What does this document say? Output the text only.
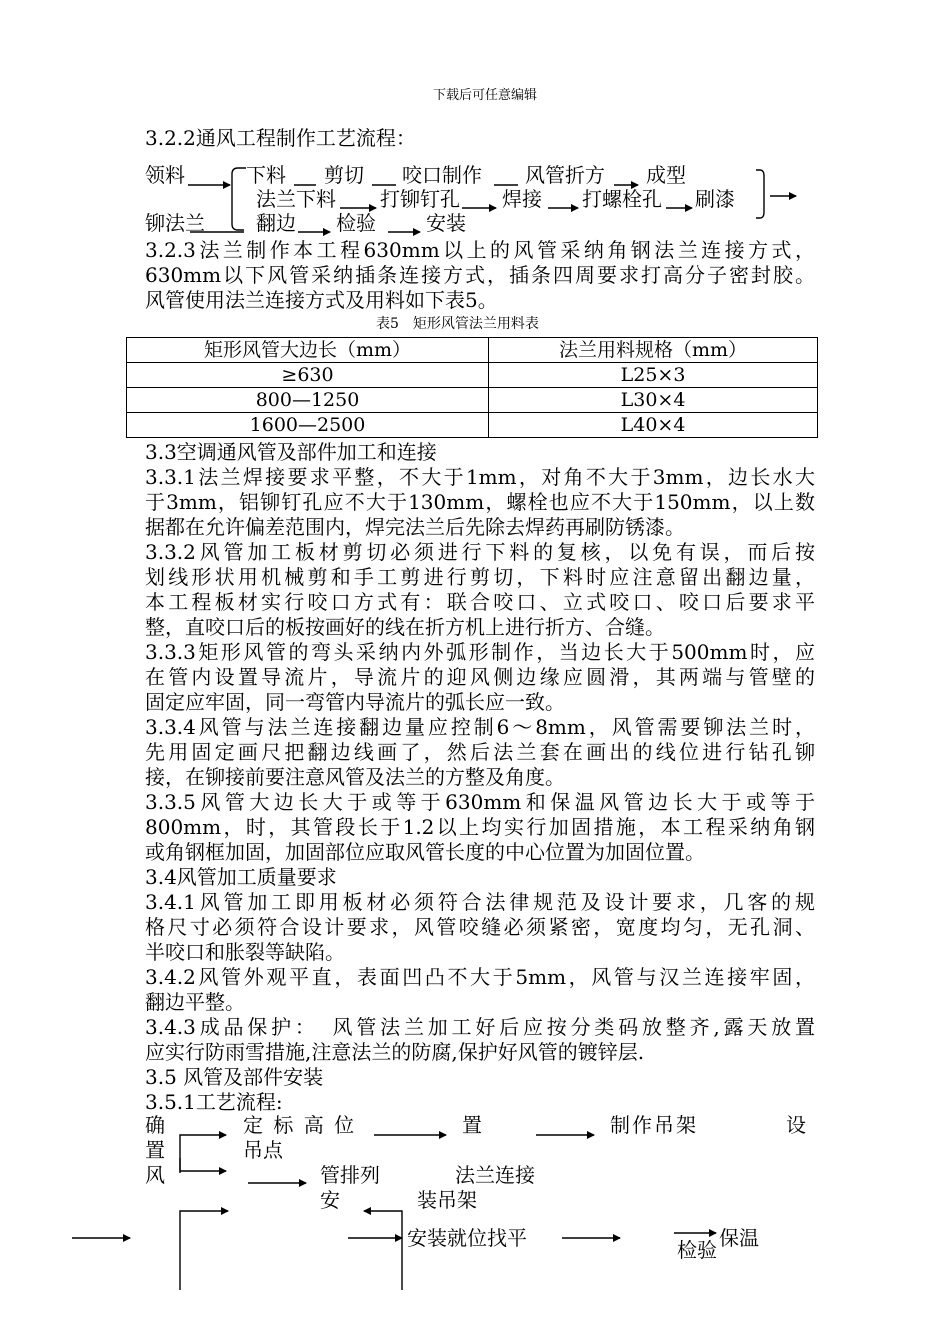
下载后可任意编辑
3.2.2通风工程制作工艺流程：
领料	下料 剪切 咬口制作 风管折方 成型
法兰下料 打铆钉孔 焊接 打螺栓孔 刷漆
铆法兰	翻边 检验	安装
3.2.3法兰制作本工程630mm以上的风管采纳角钢法兰连接方式，
630mm以下风管采纳插条连接方式，插条四周要求打高分子密封胶。
风管使用法兰连接方式及用料如下表5。
表5　矩形风管法兰用料表
矩形风管大边长（mm）	法兰用料规格（mm）
≥630	L25×3
800—1250	L30×4
1600—2500	L40×4
3.3空调通风管及部件加工和连接
3.3.1法兰焊接要求平整，不大于1mm，对角不大于3mm，边长水大
于3mm，铝铆钉孔应不大于130mm，螺栓也应不大于150mm，以上数
据都在允许偏差范围内，焊完法兰后先除去焊药再刷防锈漆。
3.3.2风管加工板材剪切必须进行下料的复核，以免有误，而后按
划线形状用机械剪和手工剪进行剪切，下料时应注意留出翻边量，
本工程板材实行咬口方式有：联合咬口、立式咬口、咬口后要求平
整，直咬口后的板按画好的线在折方机上进行折方、合缝。
3.3.3矩形风管的弯头采纳内外弧形制作，当边长大于500mm时，应
在管内设置导流片，导流片的迎风侧边缘应圆滑，其两端与管壁的
固定应牢固，同一弯管内导流片的弧长应一致。
3.3.4风管与法兰连接翻边量应控制6～8mm，风管需要铆法兰时，
先用固定画尺把翻边线画了，然后法兰套在画出的线位进行钻孔铆
接，在铆接前要注意风管及法兰的方整及角度。
3.3.5风管大边长大于或等于630mm和保温风管边长大于或等于
800mm，时，其管段长于1.2以上均实行加固措施，本工程采纳角钢
或角钢框加固，加固部位应取风管长度的中心位置为加固位置。
3.4风管加工质量要求
3.4.1风管加工即用板材必须符合法律规范及设计要求，几客的规
格尺寸必须符合设计要求，风管咬缝必须紧密，宽度均匀，无孔洞、
半咬口和胀裂等缺陷。
3.4.2风管外观平直，表面凹凸不大于5mm，风管与汉兰连接牢固，
翻边平整。
3.4.3成品保护：　风管法兰加工好后应按分类码放整齐,露天放置
应实行防雨雪措施,注意法兰的防腐,保护好风管的镀锌层.
3.5 风管及部件安装
3.5.1工艺流程:
确
置
风
定 标 高 位
吊点
置	制作吊架	设
管排列
安
法兰连接
装吊架
安装就位找平	保温
检验
